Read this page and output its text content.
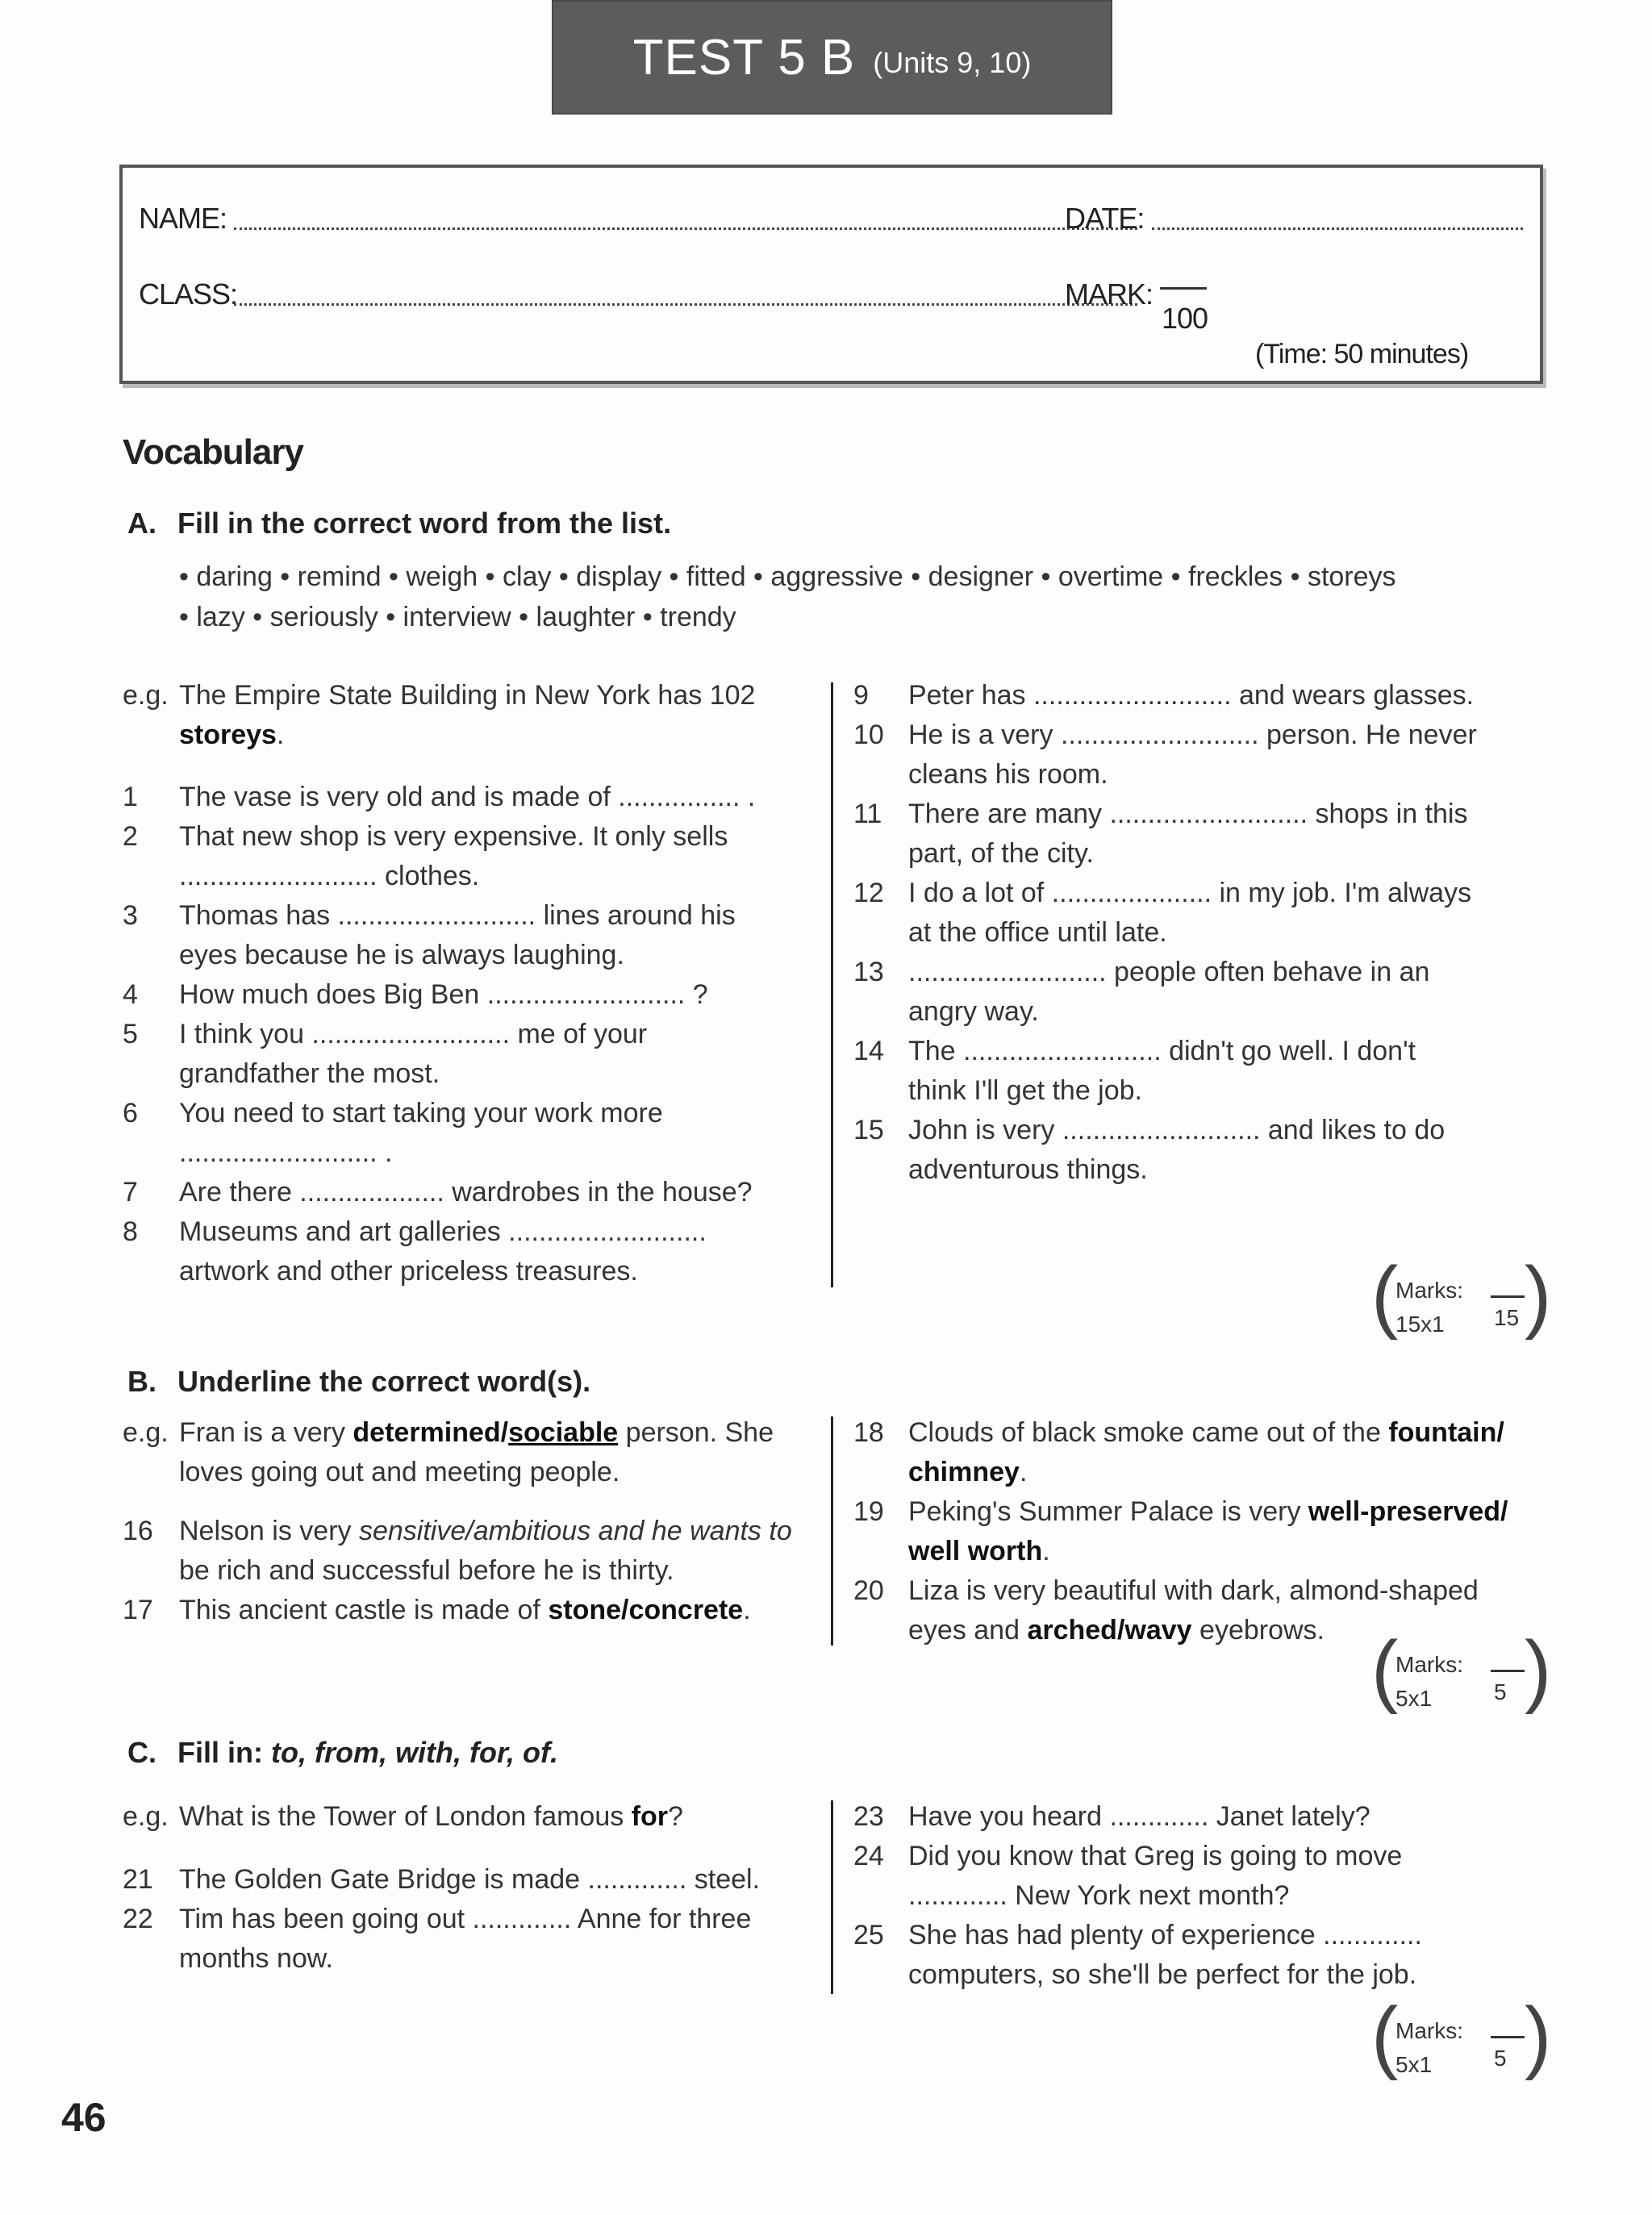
TEST 5 B (Units 9, 10)
NAME:	DATE:
CLASS:	MARK:
100
(Time: 50 minutes)
Vocabulary
A. Fill in the correct word from the list.
• daring • remind • weigh • clay • display • fitted • aggressive • designer • overtime • freckles • storeys
• lazy • seriously • interview • laughter • trendy
e.g. The Empire State Building in New York has 102
storeys.
1 The vase is very old and is made of ................ .
2 That new shop is very expensive. It only sells
.......................... clothes.
3 Thomas has .......................... lines around his
eyes because he is always laughing.
4 How much does Big Ben .......................... ?
5 I think you .......................... me of your
grandfather the most.
6 You need to start taking your work more
.......................... .
7 Are there ................... wardrobes in the house?
8 Museums and art galleries ..........................
artwork and other priceless treasures.
9 Peter has .......................... and wears glasses.
10 He is a very .......................... person. He never
cleans his room.
11 There are many .......................... shops in this
part, of the city.
12 I do a lot of ..................... in my job. I'm always
at the office until late.
13 .......................... people often behave in an
angry way.
14 The .......................... didn't go well. I don't
think I'll get the job.
15 John is very .......................... and likes to do
adventurous things.
(
Marks:
15x1 15 )
B. Underline the correct word(s).
e.g. Fran is a very determined/sociable person. She
loves going out and meeting people.
16 Nelson is very sensitive/ambitious and he wants to
be rich and successful before he is thirty.
17 This ancient castle is made of stone/concrete.
18 Clouds of black smoke came out of the fountain/
chimney.
19 Peking's Summer Palace is very well-preserved/
well worth.
20 Liza is very beautiful with dark, almond-shaped
eyes and arched/wavy eyebrows. (
Marks:
5x1	5 )
C. Fill in: to, from, with, for, of.
e.g. What is the Tower of London famous for?
21 The Golden Gate Bridge is made ............. steel.
22 Tim has been going out ............. Anne for three
months now.
23 Have you heard ............. Janet lately?
24 Did you know that Greg is going to move
............. New York next month?
25 She has had plenty of experience .............
computers, so she'll be perfect for the job.
(
Marks:
5x1	5 )
46
